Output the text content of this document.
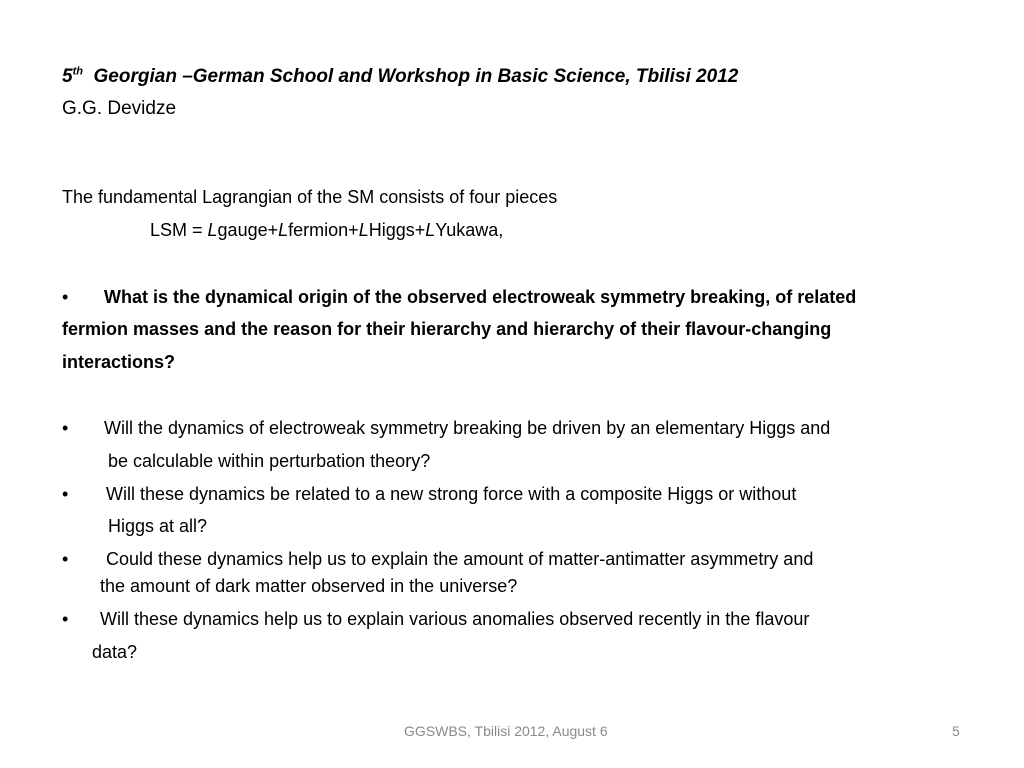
5th Georgian –German School and Workshop in Basic Science, Tbilisi 2012
G.G. Devidze
The fundamental Lagrangian of the SM consists of four pieces
LSM = Lgauge+Lfermion+LHiggs+LYukawa,
• What is the dynamical origin of the observed electroweak symmetry breaking, of related
fermion masses and the reason for their hierarchy and hierarchy of their flavour-changing
interactions?
• Will the dynamics of electroweak symmetry breaking be driven by an elementary Higgs and
be calculable within perturbation theory?
• Will these dynamics be related to a new strong force with a composite Higgs or without
Higgs at all?
• Could these dynamics help us to explain the amount of matter-antimatter asymmetry and
the amount of dark matter observed in the universe?
• Will these dynamics help us to explain various anomalies observed recently in the flavour
data?
GGSWBS, Tbilisi 2012, August 6	5
